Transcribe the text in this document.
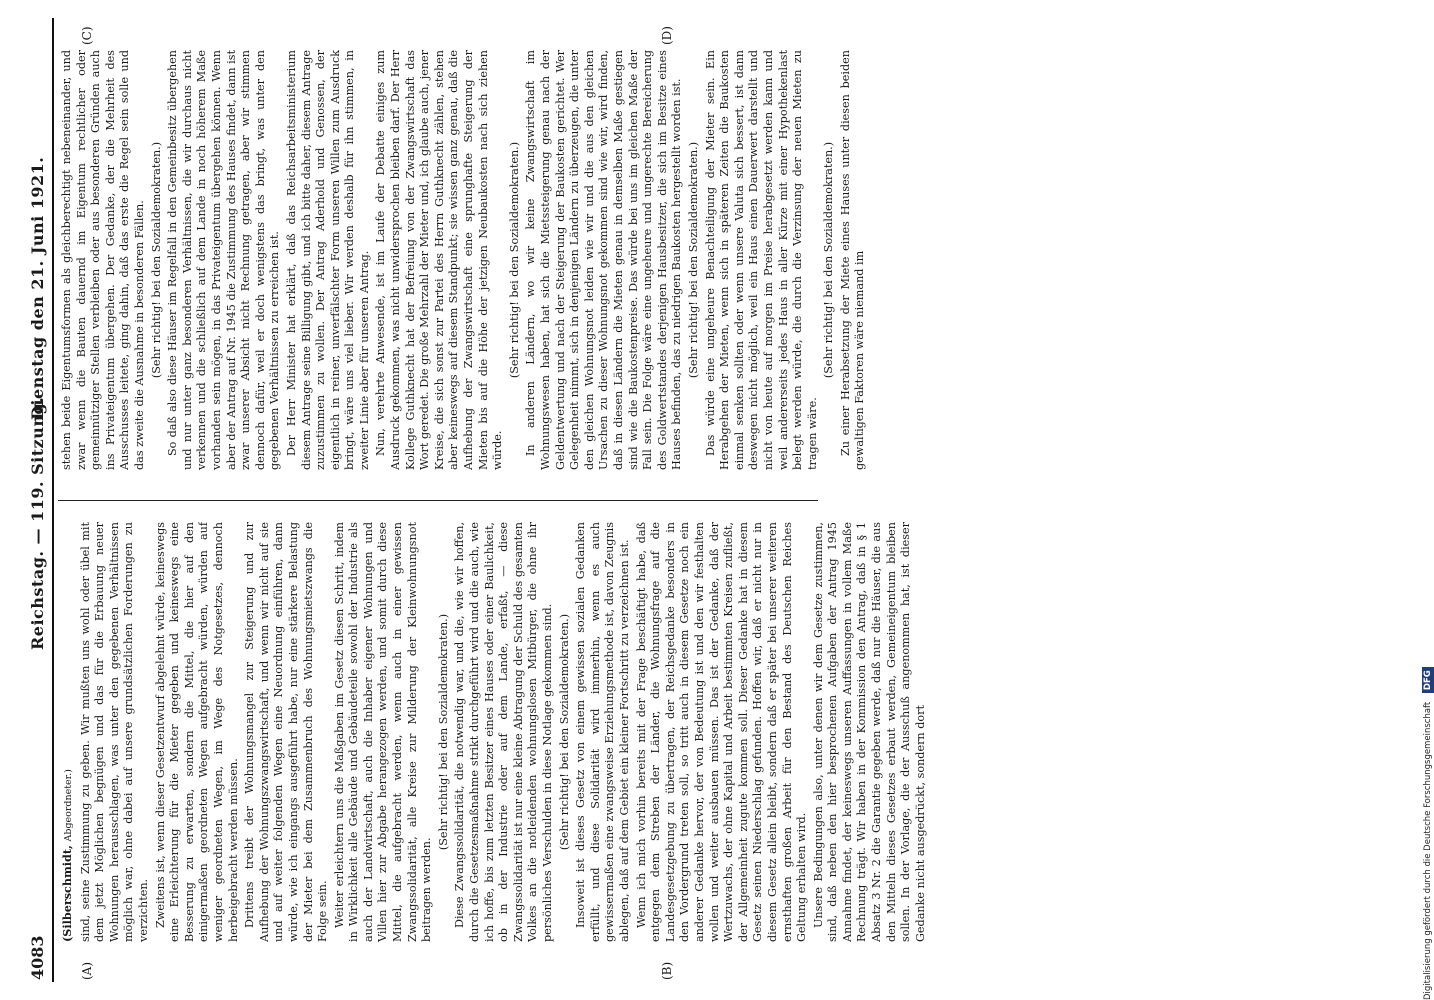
4083
Reichstag. — 119. Sitzung.
Dienstag den 21. Juni 1921.
(A)	(B)
(C)	(D)

(Silberschmidt, Abgeordneter.) sind, seine Zustimmung zu geben. Wir mußten uns wohl oder übel mit dem jetzt Möglichen begnügen und das für die Erbauung neuer Wohnungen herausschlagen, was unter den gegebenen Verhältnissen möglich war, ohne dabei auf unsere grundsätzlichen Forderungen zu verzichten. Zweitens ist, wenn dieser Gesetzentwurf abgelehnt würde, keineswegs eine Erleichterung für die Mieter gegeben und keineswegs eine Besserung zu erwarten, sondern die Mittel, die hier auf den einigermaßen geordneten Wegen aufgebracht würden, würden auf weniger geordneten Wegen, im Wege des Notgesetzes, dennoch herbeigebracht werden müssen. Drittens treibt der Wohnungsmangel zur Steigerung und zur Aufhebung der Wohnungszwangswirtschaft, und wenn wir nicht auf sie und auf weiter folgenden Wegen eine Neuordnung einführen, dann würde, wie ich eingangs ausgeführt habe, nur eine stärkere Belastung der Mieter bei dem Zusammenbruch des Wohnungsmietszwangs die Folge sein. Weiter erleichtern uns die Maßgaben im Gesetz diesen Schritt, indem in Wirklichkeit alle Gebäude und Gebäudeteile sowohl der Industrie als auch der Landwirtschaft, auch die Inhaber eigener Wohnungen und Villen hier zur Abgabe herangezogen werden, und somit durch diese Mittel, die aufgebracht werden, wenn auch in einer gewissen Zwangssolidarität, alle Kreise zur Milderung der Kleinwohnungsnot beitragen werden.

(Sehr richtig! bei den Sozialdemokraten.) Diese Zwangssolidarität, die notwendig war, und die, wie wir hoffen, durch die Gesetzesmaßnahme strikt durchgeführt wird und die auch, wie ich hoffe, bis zum letzten Besitzer eines Hauses oder einer Baulichkeit, ob in der Industrie oder auf dem Lande, erfaßt, — diese Zwangssolidarität ist nur eine kleine Abtragung der Schuld des gesamten Volkes an die notleidenden wohnungslosen Mitbürger, die ohne ihr persönliches Verschulden in diese Notlage gekommen sind. (Sehr richtig! bei den Sozialdemokraten.) Insoweit ist dieses Gesetz von einem gewissen sozialen Gedanken erfüllt, und diese Solidarität wird immerhin, wenn es auch gewissermaßen eine zwangsweise Erziehungsmethode ist, davon Zeugnis ablegen, daß auf dem Gebiet ein kleiner Fortschritt zu verzeichnen ist. Wenn ich mich vorhin bereits mit der Frage beschäftigt habe, daß entgegen dem Streben der Länder, die Wohnungsfrage auf die Landesgesetzgebung zu übertragen, der Reichsgedanke besonders in den Vordergrund treten soll, so tritt auch in diesem Gesetze noch ein anderer Gedanke hervor, der von Bedeutung ist und den wir festhalten wollen und weiter ausbauen müssen. Das ist der Gedanke, daß der Wertzuwachs, der ohne Kapital und Arbeit bestimmten Kreisen zufließt, der Allgemeinheit zugute kommen soll. Dieser Gedanke hat in diesem Gesetz seinen Niederschlag gefunden. Hoffen wir, daß er nicht nur in diesem Gesetz allein bleibt, sondern daß er später bei unserer weiteren ernsthaften großen Arbeit für den Bestand des Deutschen Reiches Geltung erhalten wird. Unsere Bedingungen also, unter denen wir dem Gesetze zustimmen, sind, daß neben den hier besprochenen Aufgaben der Antrag 1945 Annahme findet, der keineswegs unseren Auffassungen in vollem Maße Rechnung trägt. Wir haben in der Kommission den Antrag, daß in § 1 Absatz 3 Nr. 2 die Garantie gegeben werde, daß nur die Häuser, die aus den Mitteln dieses Gesetzes erbaut werden, Gemeineigentum bleiben sollen. In der Vorlage, die der Ausschuß angenommen hat, ist dieser Gedanke nicht ausgedrückt, sondern dort

stehen beide Eigentumsformen als gleichberechtigt nebeneinander, und zwar wenn die Bauten dauernd im Eigentum rechtlicher oder gemeinnütziger Stellen verbleiben oder aus besonderen Gründen auch ins Privateigentum übergehen. Der Gedanke, der die Mehrheit des Ausschusses leitete, ging dahin, daß das erste die Regel sein solle und das zweite die Ausnahme in besonderen Fällen. (Sehr richtig! bei den Sozialdemokraten.) So daß also diese Häuser im Regelfall in den Gemeinbesitz übergehen und nur unter ganz besonderen Verhältnissen, die wir durchaus nicht verkennen und die schließlich auf dem Lande in noch höherem Maße vorhanden sein mögen, in das Privateigentum übergehen können. Wenn aber der Antrag auf Nr. 1945 die Zustimmung des Hauses findet, dann ist zwar unserer Absicht nicht Rechnung getragen, aber wir stimmen dennoch dafür, weil er doch wenigstens das bringt, was unter den gegebenen Verhältnissen zu erreichen ist. Der Herr Minister hat erklärt, daß das Reichsarbeitsministerium diesem Antrage seine Billigung gibt, und ich bitte daher, diesem Antrage zuzustimmen zu wollen. Der Antrag Aderhold und Genossen, der eigentlich in reiner, unverfälschter Form unseren Willen zum Ausdruck bringt, wäre uns viel lieber. Wir werden deshalb für ihn stimmen, in zweiter Linie aber für unseren Antrag. Nun, verehrte Anwesende, ist im Laufe der Debatte einiges zum Ausdruck gekommen, was nicht unwidersprochen bleiben darf. Der Herr Kollege Guthknecht hat der Befreiung von der Zwangswirtschaft das Wort geredet. Die große Mehrzahl der Mieter und, ich glaube auch, jener Kreise, die sich sonst zur Partei des Herrn Guthknecht zählen, stehen aber keineswegs auf diesem Standpunkt; sie wissen ganz genau, daß die Aufhebung der Zwangswirtschaft eine sprunghafte Steigerung der Mieten bis auf die Höhe der jetzigen Neubaukosten nach sich ziehen würde.

(Sehr richtig! bei den Sozialdemokraten.) In anderen Ländern, wo wir keine Zwangswirtschaft im Wohnungswesen haben, hat sich die Mietssteigerung genau nach der Geldentwertung und nach der Steigerung der Baukosten gerichtet. Wer Gelegenheit nimmt, sich in denjenigen Ländern zu überzeugen, die unter den gleichen Wohnungsnot leiden wie wir und die aus den gleichen Ursachen zu dieser Wohnungsnot gekommen sind wie wir, wird finden, daß in diesen Ländern die Mieten genau in demselben Maße gestiegen sind wie die Baukostenpreise. Das würde bei uns im gleichen Maße der Fall sein. Die Folge wäre eine ungeheure und ungerechte Bereicherung des Goldwertstandes derjenigen Hausbesitzer, die sich im Besitze eines Hauses befinden, das zu niedrigen Baukosten hergestellt worden ist. (Sehr richtig! bei den Sozialdemokraten.) Das würde eine ungeheure Benachteiligung der Mieter sein. Ein Herabgehen der Mieten, wenn sich in späteren Zeiten die Baukosten einmal senken sollten oder wenn unsere Valuta sich bessert, ist dann deswegen nicht möglich, weil ein Haus einen Dauerwert darstellt und nicht von heute auf morgen im Preise herabgesetzt werden kann und weil andererseits jedes Haus in aller Kürze mit einer Hypothekenlast belegt werden würde, die durch die Verzinsung der neuen Mieten zu tragen wäre.

(Sehr richtig! bei den Sozialdemokraten.) Zu einer Herabsetzung der Miete eines Hauses unter diesen beiden gewaltigen Faktoren wäre niemand im

Digitalisierung gefördert durch die Deutsche Forschungsgemeinschaft DFG
